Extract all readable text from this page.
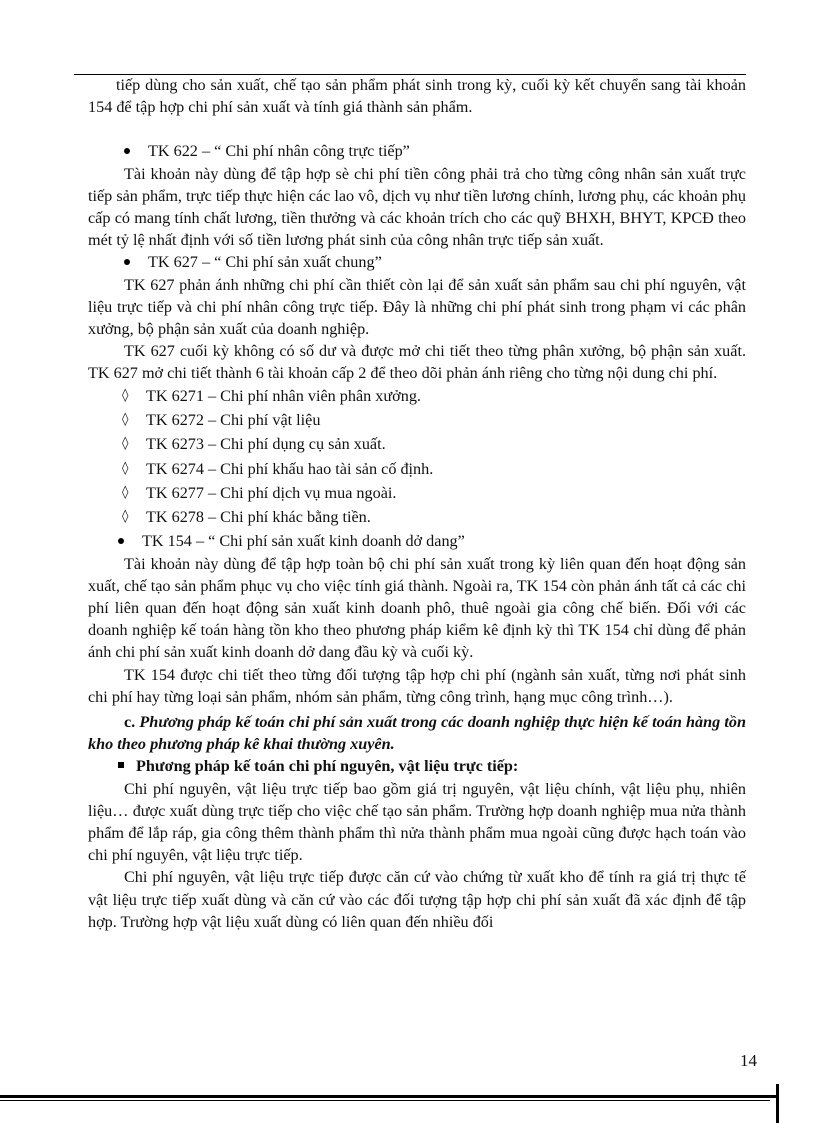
tiếp dùng cho sản xuất, chế tạo sản phẩm phát sinh trong kỳ, cuối kỳ kết chuyển sang tài khoản 154 để tập hợp chi phí sản xuất và tính giá thành sản phẩm.

TK 622 – “ Chi phí nhân công trực tiếp”

Tài khoản này dùng để tập hợp sè chi phí tiền công phải trả cho từng công nhân sản xuất trực tiếp sản phẩm, trực tiếp thực hiện các lao vô, dịch vụ như tiền lương chính, lương phụ, các khoản phụ cấp có mang tính chất lương, tiền thưởng và các khoản trích cho các quỹ BHXH, BHYT, KPCĐ theo mét tỷ lệ nhất định với số tiền lương phát sinh của công nhân trực tiếp sản xuất.

TK 627 – “ Chi phí sản xuất chung”

TK 627 phản ánh những chi phí cần thiết còn lại để sản xuất sản phẩm sau chi phí nguyên, vật liệu trực tiếp và chi phí nhân công trực tiếp. Đây là những chi phí phát sinh trong phạm vi các phân xưởng, bộ phận sản xuất của doanh nghiệp.

TK 627 cuối kỳ không có số dư và được mở chi tiết theo từng phân xưởng, bộ phận sản xuất. TK 627 mở chi tiết thành 6 tài khoản cấp 2 để theo dõi phản ánh riêng cho từng nội dung chi phí.

◊	TK 6271 – Chi phí nhân viên phân xưởng.
◊	TK 6272 – Chi phí vật liệu
◊	TK 6273 – Chi phí dụng cụ sản xuất.
◊	TK 6274 – Chi phí khấu hao tài sản cố định.
◊	TK 6277 – Chi phí dịch vụ mua ngoài.
◊	TK 6278 – Chi phí khác bằng tiền.

TK 154 – “ Chi phí sản xuất kinh doanh dở dang”

Tài khoản này dùng để tập hợp toàn bộ chi phí sản xuất trong kỳ liên quan đến hoạt động sản xuất, chế tạo sản phẩm phục vụ cho việc tính giá thành. Ngoài ra, TK 154 còn phản ánh tất cả các chi phí liên quan đến hoạt động sản xuất kinh doanh phô, thuê ngoài gia công chế biến. Đối với các doanh nghiệp kế toán hàng tồn kho theo phương pháp kiểm kê định kỳ thì TK 154 chỉ dùng để phản ánh chi phí sản xuất kinh doanh dở dang đầu kỳ và cuối kỳ.

TK 154 được chi tiết theo từng đối tượng tập hợp chi phí (ngành sản xuất, từng nơi phát sinh chi phí hay từng loại sản phẩm, nhóm sản phẩm, từng công trình, hạng mục công trình…).

c. Phương pháp kế toán chi phí sản xuất trong các doanh nghiệp thực hiện kế toán hàng tồn kho theo phương pháp kê khai thường xuyên.

Phương pháp kế toán chi phí nguyên, vật liệu trực tiếp:

Chi phí nguyên, vật liệu trực tiếp bao gồm giá trị nguyên, vật liệu chính, vật liệu phụ, nhiên liệu… được xuất dùng trực tiếp cho việc chế tạo sản phẩm. Trường hợp doanh nghiệp mua nửa thành phẩm để lắp ráp, gia công thêm thành phẩm thì nửa thành phẩm mua ngoài cũng được hạch toán vào chi phí nguyên, vật liệu trực tiếp.

Chi phí nguyên, vật liệu trực tiếp được căn cứ vào chứng từ xuất kho để tính ra giá trị thực tế vật liệu trực tiếp xuất dùng và căn cứ vào các đối tượng tập hợp chi phí sản xuất đã xác định để tập hợp. Trường hợp vật liệu xuất dùng có liên quan đến nhiều đối

14
